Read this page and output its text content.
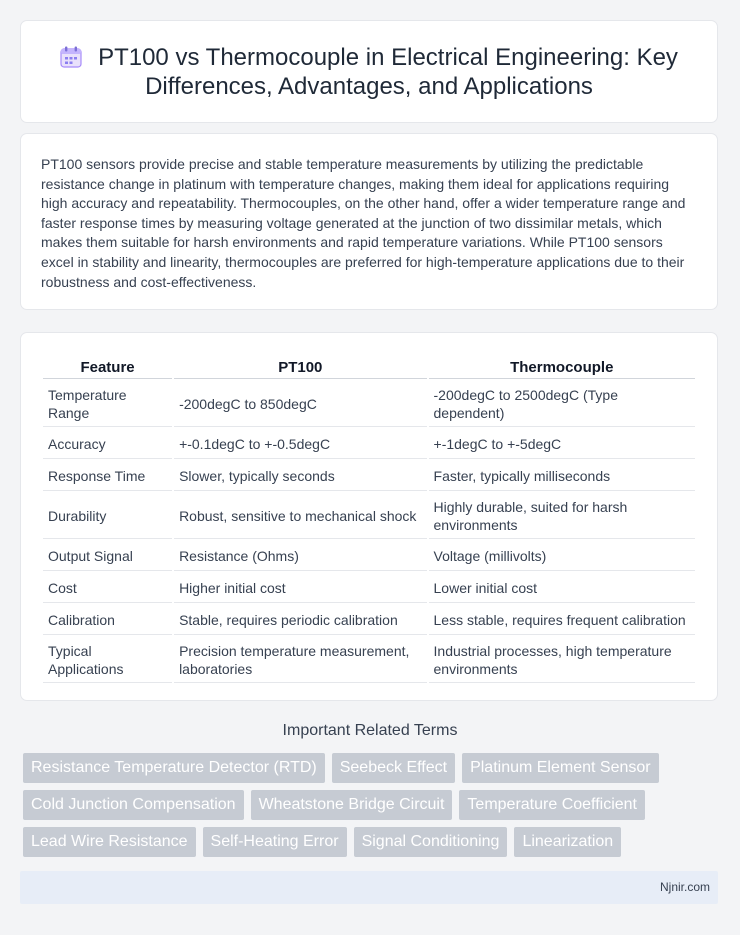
PT100 vs Thermocouple in Electrical Engineering: Key Differences, Advantages, and Applications

PT100 sensors provide precise and stable temperature measurements by utilizing the predictable resistance change in platinum with temperature changes, making them ideal for applications requiring high accuracy and repeatability. Thermocouples, on the other hand, offer a wider temperature range and faster response times by measuring voltage generated at the junction of two dissimilar metals, which makes them suitable for harsh environments and rapid temperature variations. While PT100 sensors excel in stability and linearity, thermocouples are preferred for high-temperature applications due to their robustness and cost-effectiveness.

Feature	PT100	Thermocouple
Temperature Range	-200degC to 850degC	-200degC to 2500degC (Type dependent)
Accuracy	+-0.1degC to +-0.5degC	+-1degC to +-5degC
Response Time	Slower, typically seconds	Faster, typically milliseconds
Durability	Robust, sensitive to mechanical shock	Highly durable, suited for harsh environments
Output Signal	Resistance (Ohms)	Voltage (millivolts)
Cost	Higher initial cost	Lower initial cost
Calibration	Stable, requires periodic calibration	Less stable, requires frequent calibration
Typical Applications	Precision temperature measurement, laboratories	Industrial processes, high temperature environments
Important Related Terms
Resistance Temperature Detector (RTD)	Seebeck Effect	Platinum Element Sensor
Cold Junction Compensation	Wheatstone Bridge Circuit	Temperature Coefficient
Lead Wire Resistance	Self-Heating Error	Signal Conditioning	Linearization
Njnir.com
